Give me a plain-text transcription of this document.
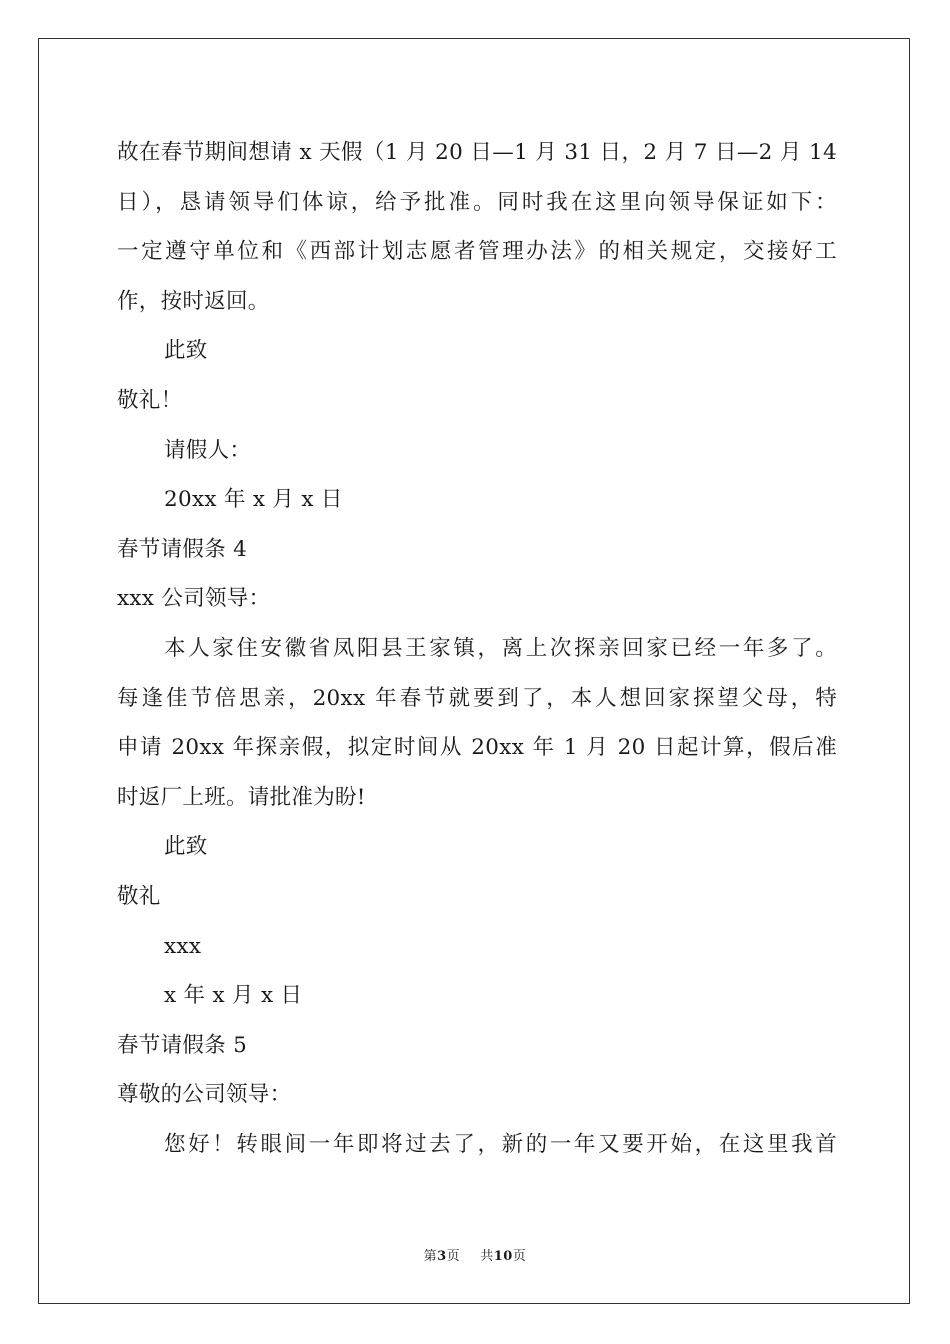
故在春节期间想请 x 天假（1 月 20 日—1 月 31 日，2 月 7 日—2 月 14
日），恳请领导们体谅，给予批准。同时我在这里向领导保证如下：
一定遵守单位和《西部计划志愿者管理办法》的相关规定，交接好工
作，按时返回。
此致
敬礼！
请假人：
20xx 年 x 月 x 日
春节请假条 4
xxx 公司领导：
本人家住安徽省凤阳县王家镇，离上次探亲回家已经一年多了。
每逢佳节倍思亲，20xx 年春节就要到了，本人想回家探望父母，特
申请 20xx 年探亲假，拟定时间从 20xx 年 1 月 20 日起计算，假后准
时返厂上班。请批准为盼!
此致
敬礼
xxx
x 年 x 月 x 日
春节请假条 5
尊敬的公司领导：
您好！转眼间一年即将过去了，新的一年又要开始，在这里我首
第3页 共10页
